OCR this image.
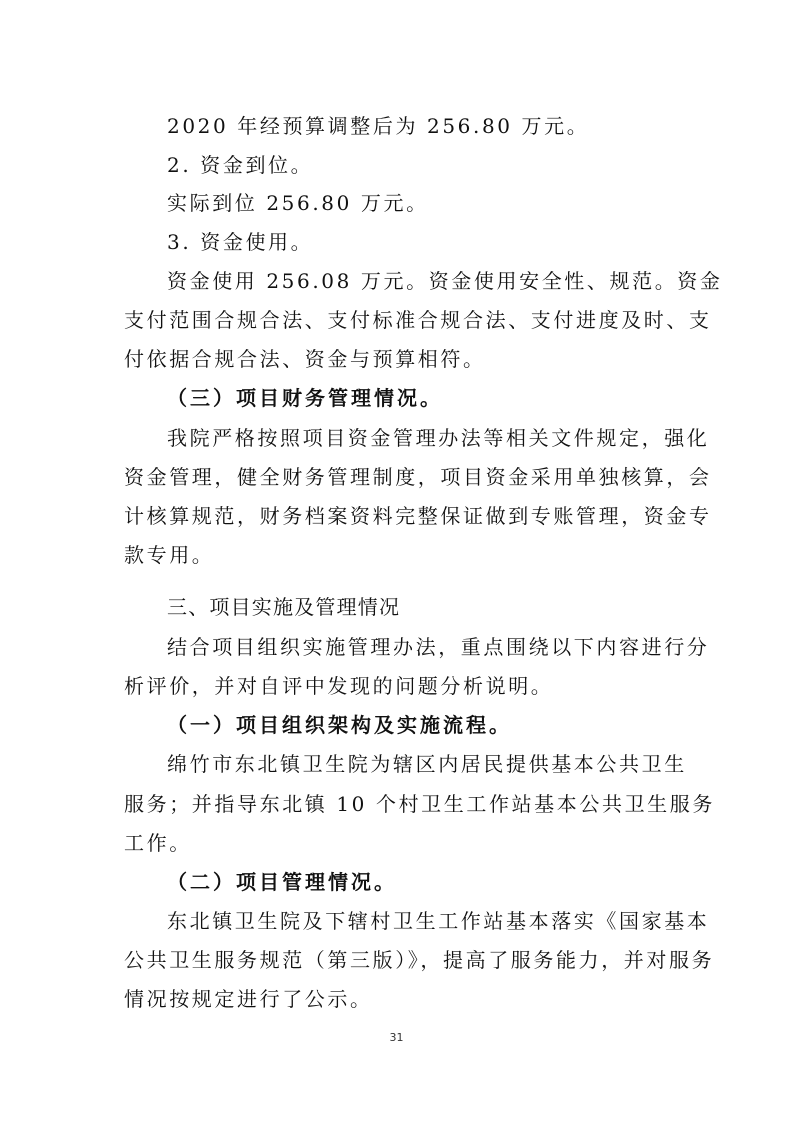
2020 年经预算调整后为 256.80 万元。
2. 资金到位。
实际到位 256.80 万元。
3. 资金使用。
资金使用 256.08 万元。资金使用安全性、规范。资金
支付范围合规合法、支付标准合规合法、支付进度及时、支
付依据合规合法、资金与预算相符。
（三）项目财务管理情况。
我院严格按照项目资金管理办法等相关文件规定，强化
资金管理，健全财务管理制度，项目资金采用单独核算，会
计核算规范，财务档案资料完整保证做到专账管理，资金专
款专用。
三、项目实施及管理情况
结合项目组织实施管理办法，重点围绕以下内容进行分
析评价，并对自评中发现的问题分析说明。
（一）项目组织架构及实施流程。
绵竹市东北镇卫生院为辖区内居民提供基本公共卫生
服务；并指导东北镇 10 个村卫生工作站基本公共卫生服务
工作。
（二）项目管理情况。
东北镇卫生院及下辖村卫生工作站基本落实《国家基本
公共卫生服务规范（第三版）》，提高了服务能力，并对服务
情况按规定进行了公示。
31
